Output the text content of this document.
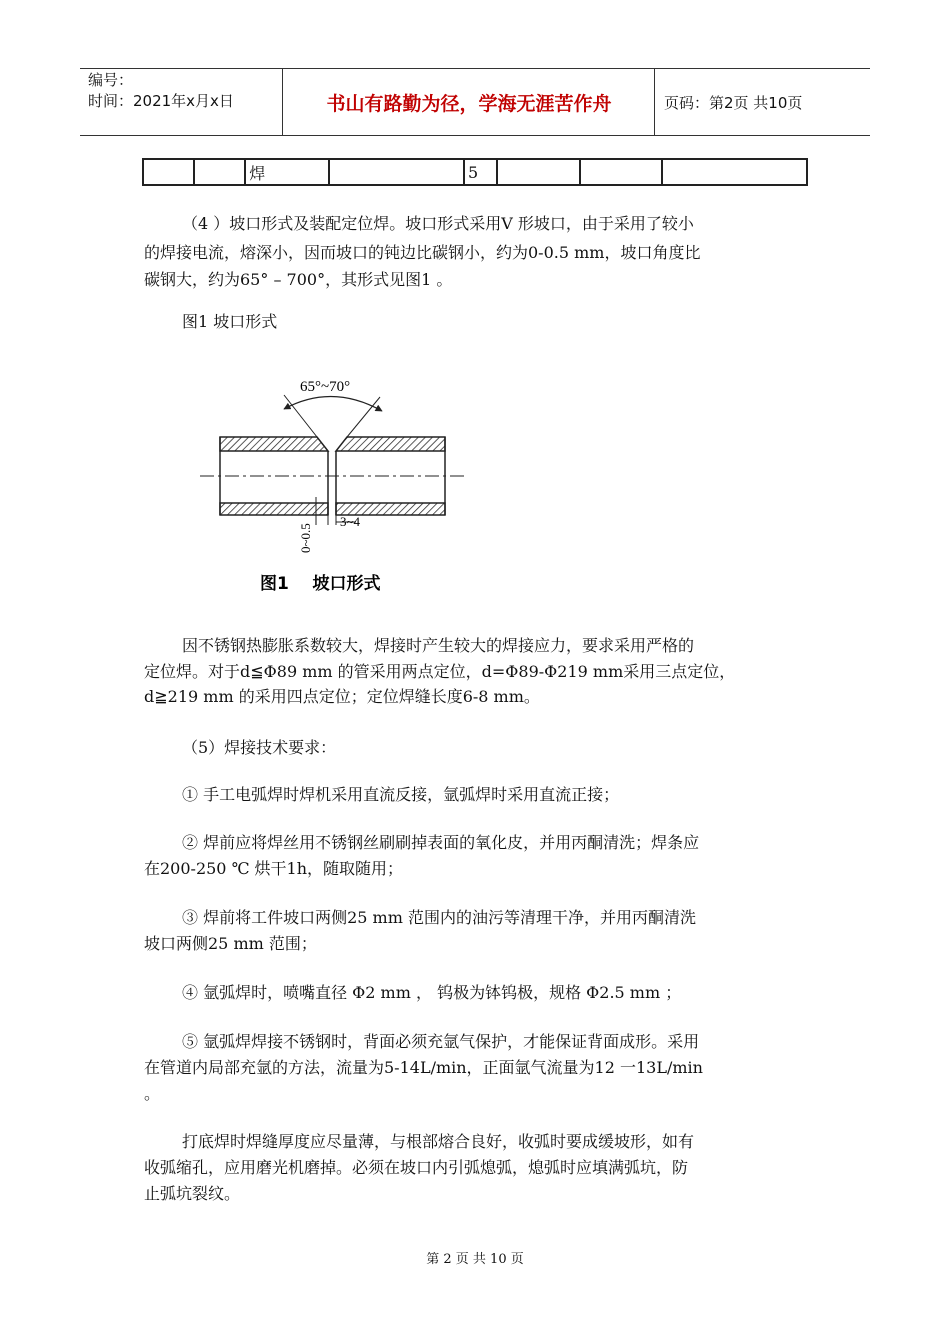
编号：
时间：2021年x月x日	书山有路勤为径，学海无涯苦作舟	页码：第2页 共10页
		焊		5			

（4 ）坡口形式及装配定位焊。坡口形式采用V 形坡口，由于采用了较小

的焊接电流，熔深小，因而坡口的钝边比碳钢小，约为0-0.5 mm，坡口角度比

碳钢大，约为65° – 700°，其形式见图1 。

图1 坡口形式

65°~70°
3~4
0~0.5
图1    坡口形式

因不锈钢热膨胀系数较大，焊接时产生较大的焊接应力，要求采用严格的

定位焊。对于d≦Φ89 mm 的管采用两点定位，d=Φ89-Φ219 mm采用三点定位，

d≧219 mm 的采用四点定位；定位焊缝长度6-8 mm。

（5）焊接技术要求：

① 手工电弧焊时焊机采用直流反接，氩弧焊时采用直流正接；

② 焊前应将焊丝用不锈钢丝刷刷掉表面的氧化皮，并用丙酮清洗；焊条应

在200-250 ℃ 烘干1h，随取随用；

③ 焊前将工件坡口两侧25 mm 范围内的油污等清理干净，并用丙酮清洗

坡口两侧25 mm 范围；

④ 氩弧焊时，喷嘴直径 Φ2 mm ， 钨极为钵钨极，规格 Φ2.5 mm ；

⑤ 氩弧焊焊接不锈钢时，背面必须充氩气保护，才能保证背面成形。采用

在管道内局部充氩的方法，流量为5-14L/min，正面氩气流量为12 一13L/min

。

打底焊时焊缝厚度应尽量薄，与根部熔合良好，收弧时要成缓坡形，如有

收弧缩孔，应用磨光机磨掉。必须在坡口内引弧熄弧，熄弧时应填满弧坑，防

止弧坑裂纹。

第 2 页 共 10 页
